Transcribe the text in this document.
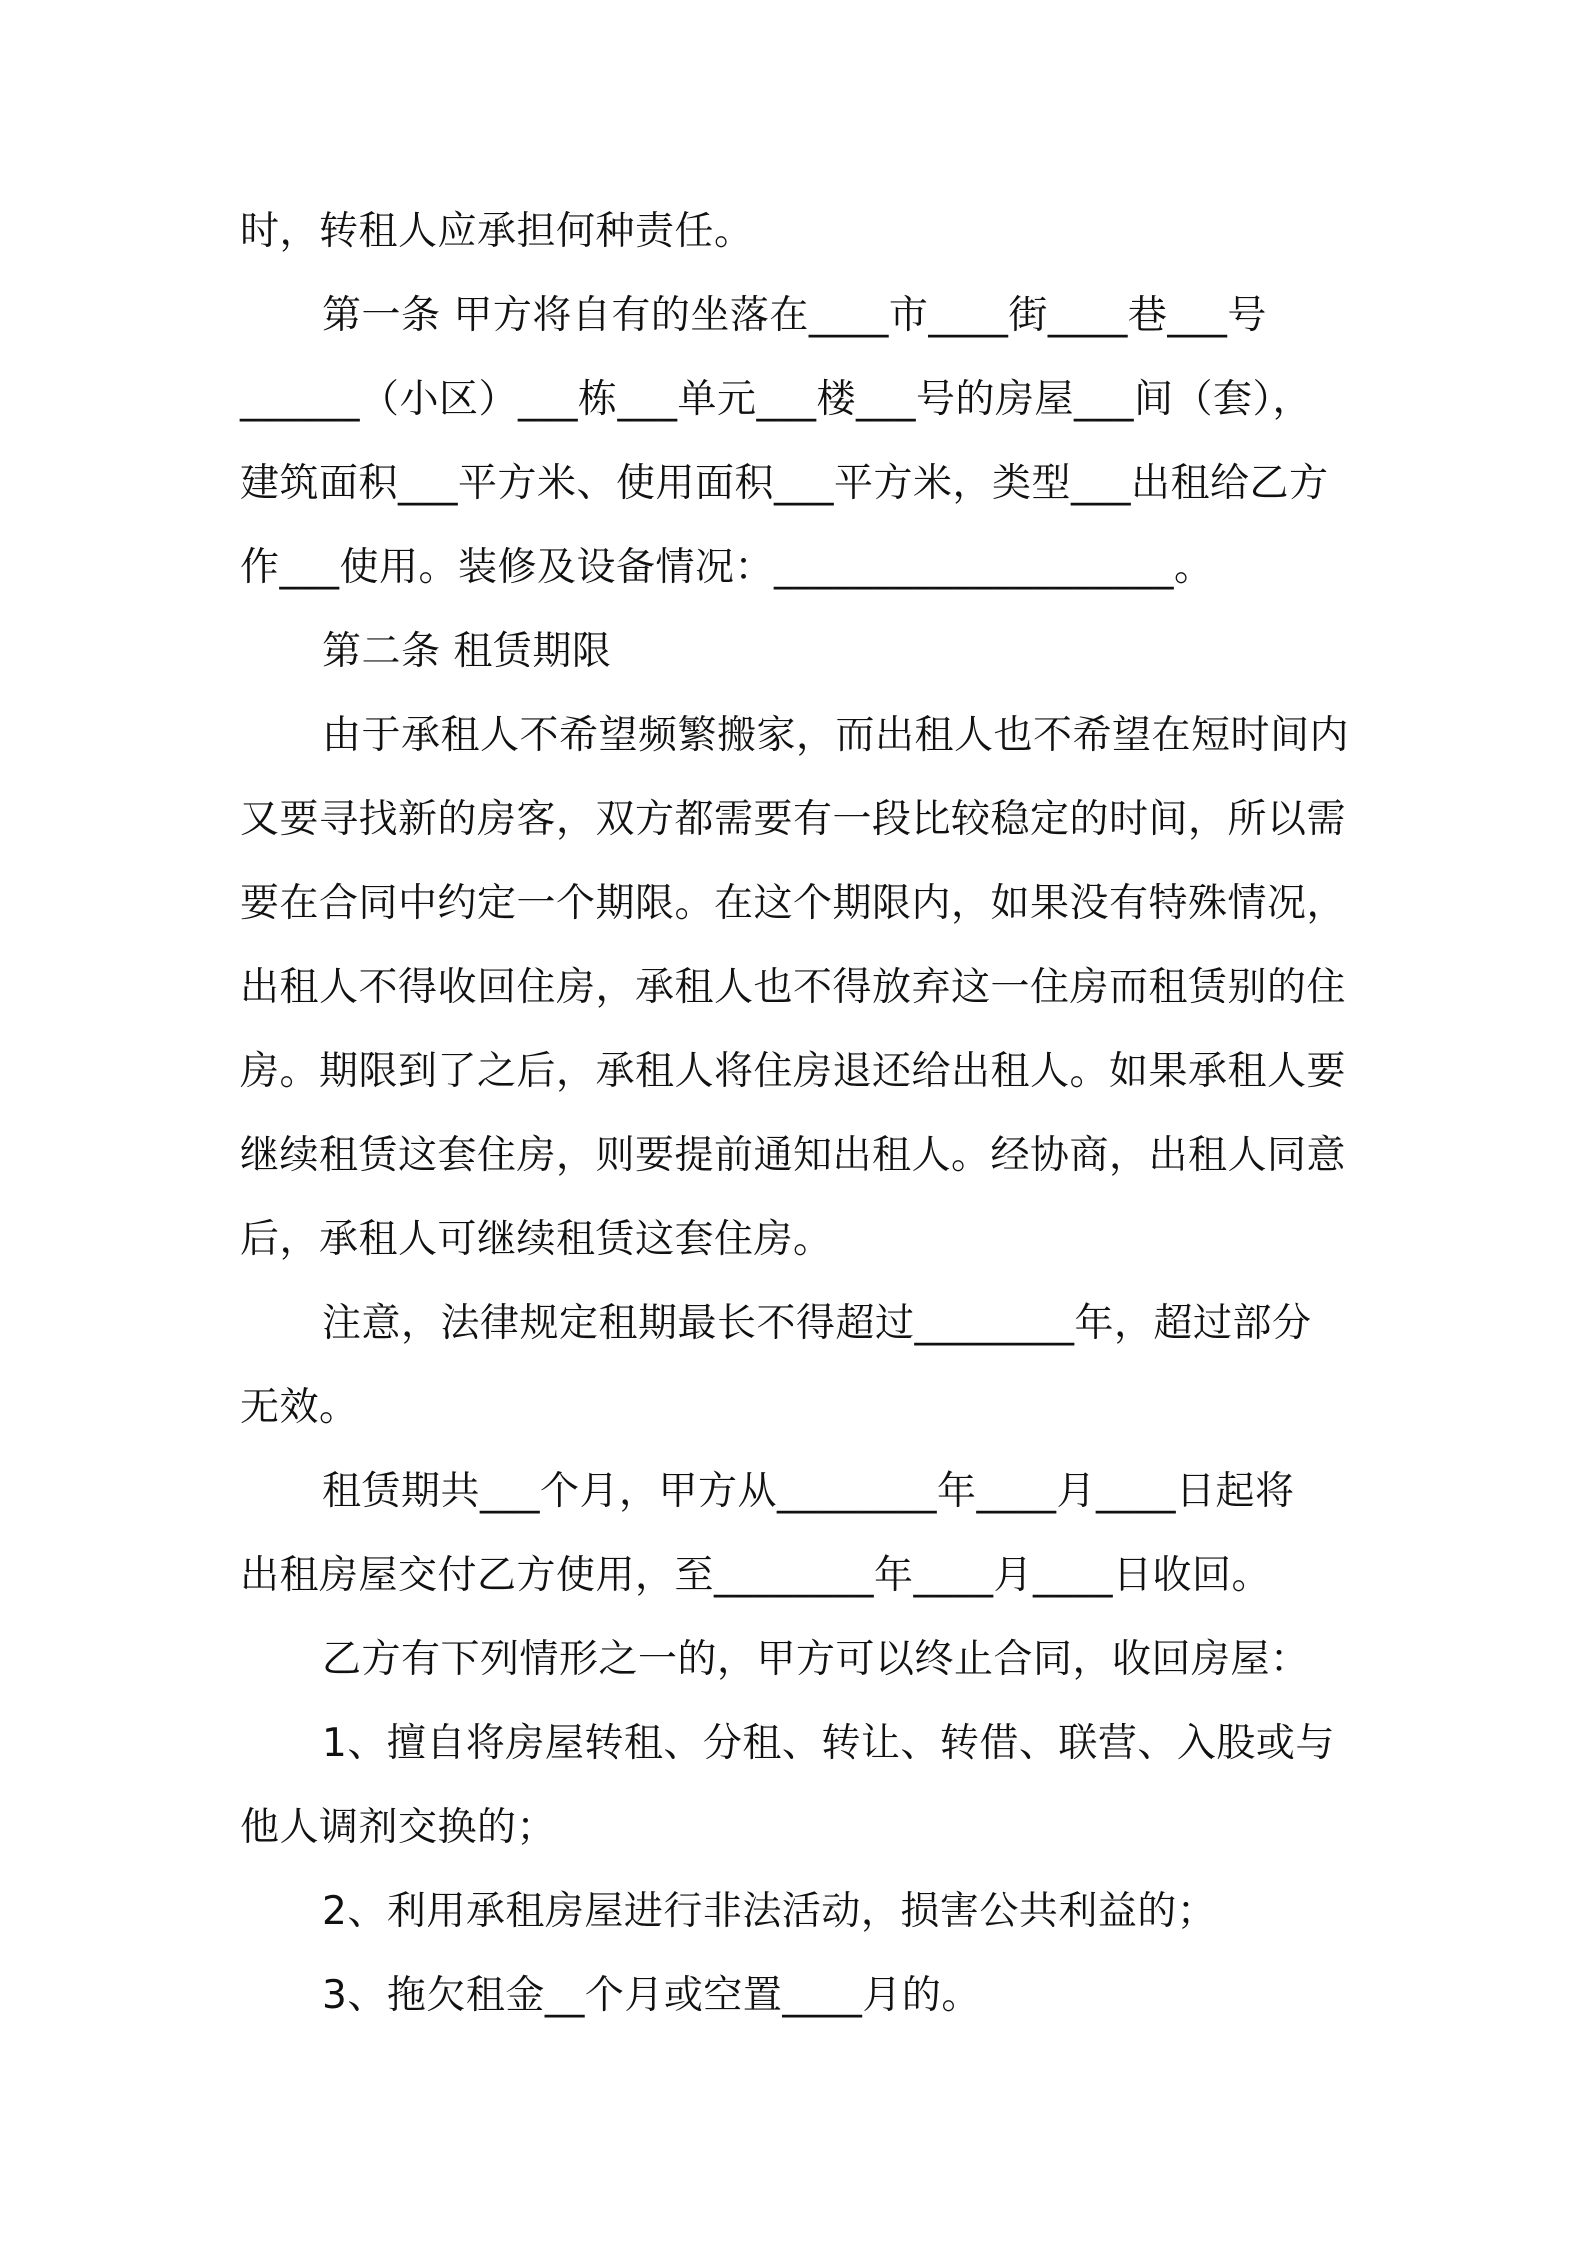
时，转租人应承担何种责任。
第一条 甲方将自有的坐落在____市____街____巷___号
______（小区）___栋___单元___楼___号的房屋___间（套），
建筑面积___平方米、使用面积___平方米，类型___出租给乙方
作___使用。装修及设备情况：____________________。
第二条 租赁期限
由于承租人不希望频繁搬家，而出租人也不希望在短时间内
又要寻找新的房客，双方都需要有一段比较稳定的时间，所以需
要在合同中约定一个期限。在这个期限内，如果没有特殊情况，
出租人不得收回住房，承租人也不得放弃这一住房而租赁别的住
房。期限到了之后，承租人将住房退还给出租人。如果承租人要
继续租赁这套住房，则要提前通知出租人。经协商，出租人同意
后，承租人可继续租赁这套住房。
注意，法律规定租期最长不得超过________年，超过部分
无效。
租赁期共___个月，甲方从________年____月____日起将
出租房屋交付乙方使用，至________年____月____日收回。
乙方有下列情形之一的，甲方可以终止合同，收回房屋：
1、擅自将房屋转租、分租、转让、转借、联营、入股或与
他人调剂交换的；
2、利用承租房屋进行非法活动，损害公共利益的；
3、拖欠租金__个月或空置____月的。
